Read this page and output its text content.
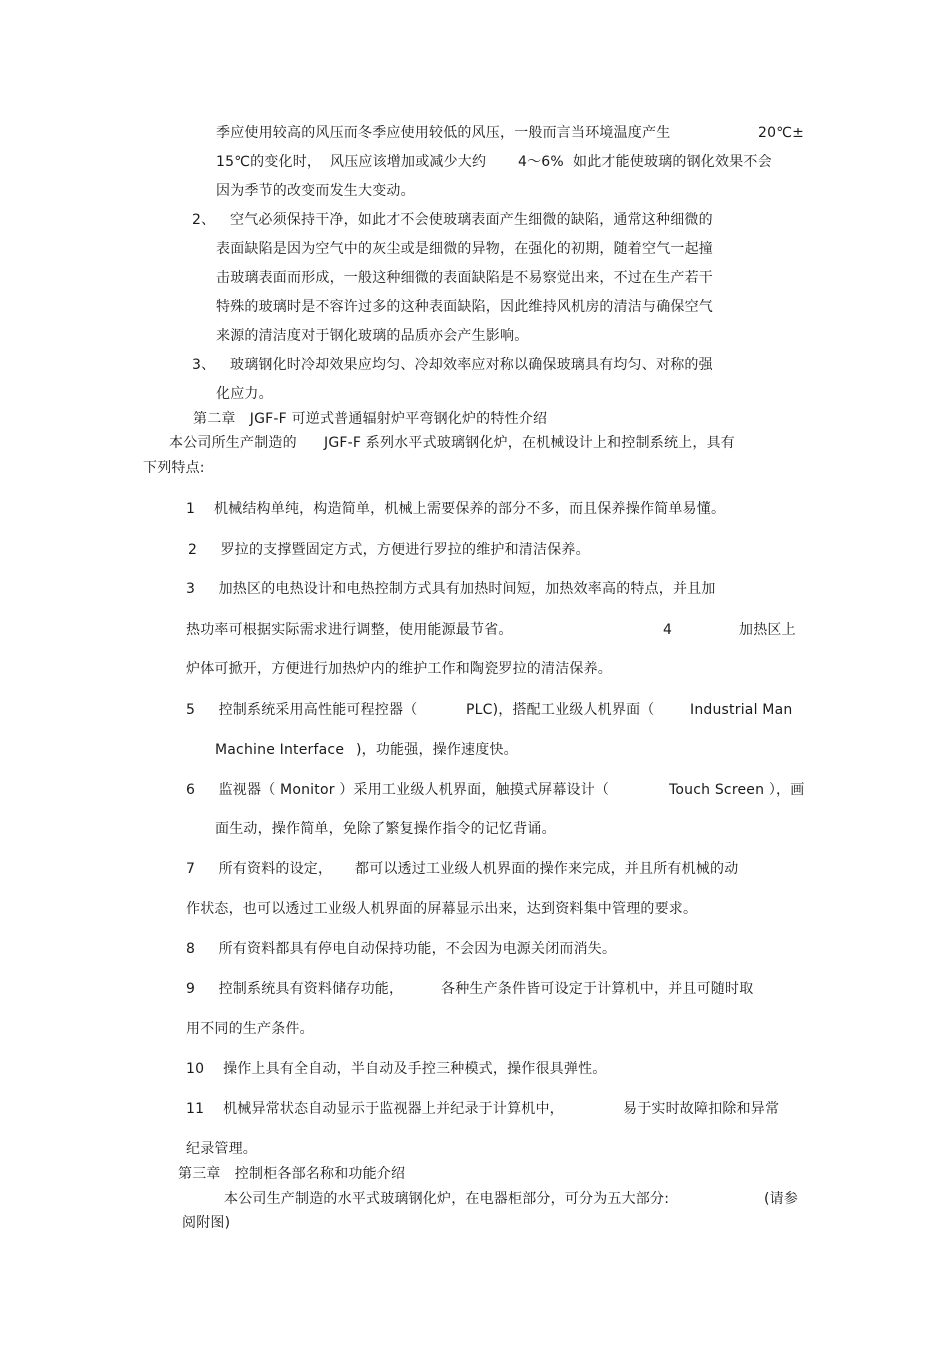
季应使用较高的风压而冬季应使用较低的风压，一般而言当环境温度产生	20℃±
15℃的变化时， 风压应该增加或减少大约 4～6% 如此才能使玻璃的钢化效果不会
因为季节的改变而发生大变动。
2、 空气必须保持干净，如此才不会使玻璃表面产生细微的缺陷，通常这种细微的
表面缺陷是因为空气中的灰尘或是细微的异物，在强化的初期，随着空气一起撞
击玻璃表面而形成，一般这种细微的表面缺陷是不易察觉出来，不过在生产若干
特殊的玻璃时是不容许过多的这种表面缺陷，因此维持风机房的清洁与确保空气
来源的清洁度对于钢化玻璃的品质亦会产生影响。
3、 玻璃钢化时冷却效果应均匀、冷却效率应对称以确保玻璃具有均匀、对称的强
化应力。
第二章　JGF-F 可逆式普通辐射炉平弯钢化炉的特性介绍
本公司所生产制造的 JGF-F 系列水平式玻璃钢化炉，在机械设计上和控制系统上，具有
下列特点:
1　 机械结构单纯，构造简单，机械上需要保养的部分不多，而且保养操作简单易懂。
2　  罗拉的支撑暨固定方式，方便进行罗拉的维护和清洁保养。
3　  加热区的电热设计和电热控制方式具有加热时间短，加热效率高的特点，并且加
热功率可根据实际需求进行调整，使用能源最节省。	4	加热区上
炉体可掀开，方便进行加热炉内的维护工作和陶瓷罗拉的清洁保养。
5　  控制系统采用高性能可程控器（	PLC)，搭配工业级人机界面（	Industrial Man
Machine Interface )，功能强，操作速度快。
6　  监视器（ Monitor ）采用工业级人机界面，触摸式屏幕设计（	Touch Screen ），画
面生动，操作简单，免除了繁复操作指令的记忆背诵。
7　  所有资料的设定， 都可以透过工业级人机界面的操作来完成，并且所有机械的动
作状态，也可以透过工业级人机界面的屏幕显示出来，达到资料集中管理的要求。
8　  所有资料都具有停电自动保持功能，不会因为电源关闭而消失。
9　  控制系统具有资料储存功能，	各种生产条件皆可设定于计算机中，并且可随时取
用不同的生产条件。
10　 操作上具有全自动，半自动及手控三种模式，操作很具弹性。
11　 机械异常状态自动显示于监视器上并纪录于计算机中，	易于实时故障扣除和异常
纪录管理。
第三章　控制柜各部名称和功能介绍
本公司生产制造的水平式玻璃钢化炉，在电器柜部分，可分为五大部分:	(请参
阅附图)
